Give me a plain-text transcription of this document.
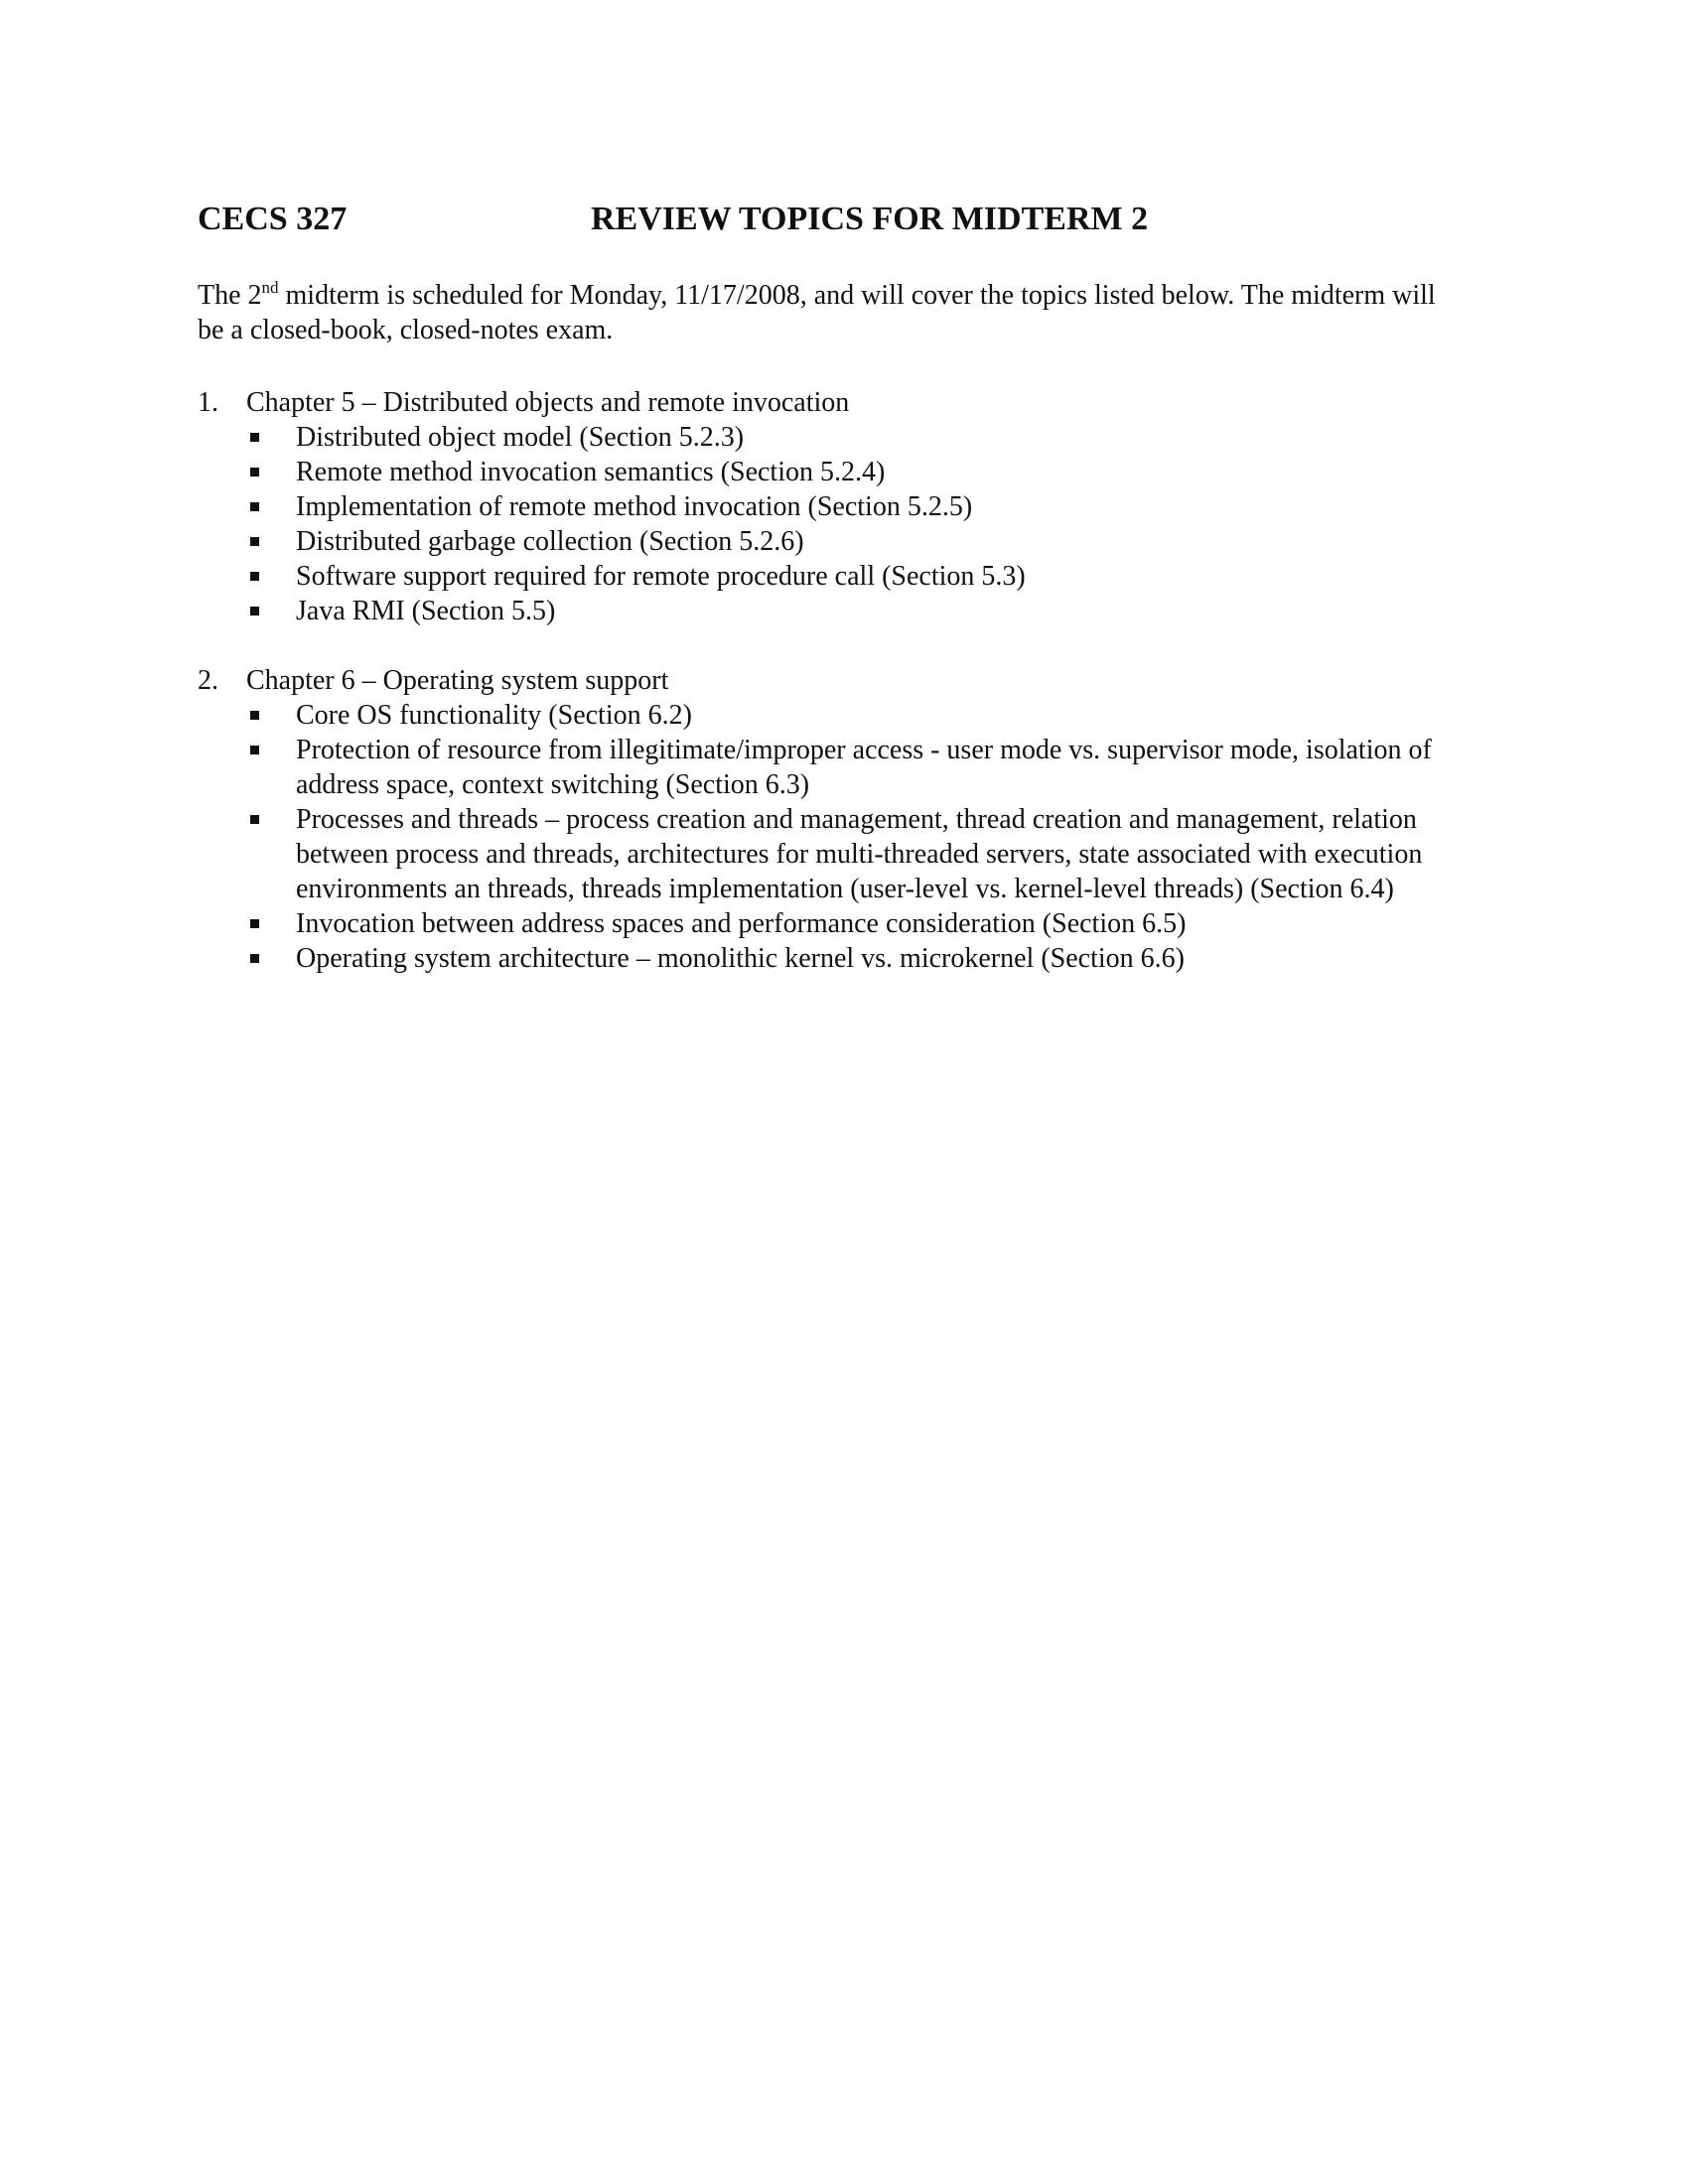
CECS 327	REVIEW TOPICS FOR MIDTERM 2

The 2nd midterm is scheduled for Monday, 11/17/2008, and will cover the topics listed below. The midterm will be a closed-book, closed-notes exam.

1. Chapter 5 – Distributed objects and remote invocation
Distributed object model (Section 5.2.3)
Remote method invocation semantics (Section 5.2.4)
Implementation of remote method invocation (Section 5.2.5)
Distributed garbage collection (Section 5.2.6)
Software support required for remote procedure call (Section 5.3)
Java RMI (Section 5.5)
2. Chapter 6 – Operating system support
Core OS functionality (Section 6.2)
Protection of resource from illegitimate/improper access - user mode vs. supervisor mode, isolation of address space, context switching (Section 6.3)
Processes and threads – process creation and management, thread creation and management, relation between process and threads, architectures for multi-threaded servers, state associated with execution environments an threads, threads implementation (user-level vs. kernel-level threads) (Section 6.4)
Invocation between address spaces and performance consideration (Section 6.5)
Operating system architecture – monolithic kernel vs. microkernel (Section 6.6)
